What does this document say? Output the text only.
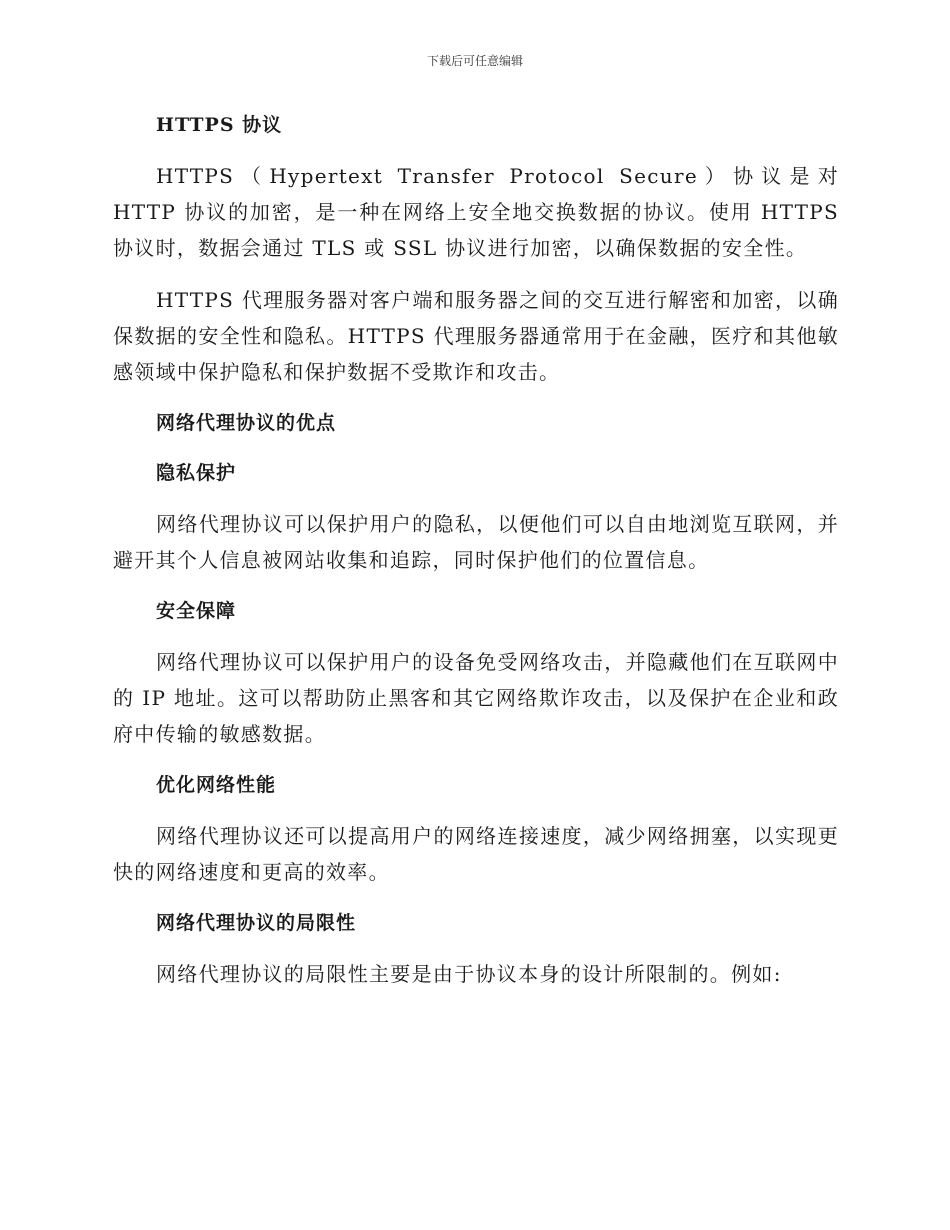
下载后可任意编辑
HTTPS 协议

HTTPS（Hypertext Transfer Protocol Secure）协议是对 HTTP 协议的加密，是一种在网络上安全地交换数据的协议。使用 HTTPS 协议时，数据会通过 TLS 或 SSL 协议进行加密，以确保数据的安全性。

HTTPS 代理服务器对客户端和服务器之间的交互进行解密和加密，以确保数据的安全性和隐私。HTTPS 代理服务器通常用于在金融，医疗和其他敏感领域中保护隐私和保护数据不受欺诈和攻击。

网络代理协议的优点
隐私保护

网络代理协议可以保护用户的隐私，以便他们可以自由地浏览互联网，并避开其个人信息被网站收集和追踪，同时保护他们的位置信息。

安全保障

网络代理协议可以保护用户的设备免受网络攻击，并隐藏他们在互联网中的 IP 地址。这可以帮助防止黑客和其它网络欺诈攻击，以及保护在企业和政府中传输的敏感数据。

优化网络性能

网络代理协议还可以提高用户的网络连接速度，减少网络拥塞，以实现更快的网络速度和更高的效率。

网络代理协议的局限性

网络代理协议的局限性主要是由于协议本身的设计所限制的。例如:
